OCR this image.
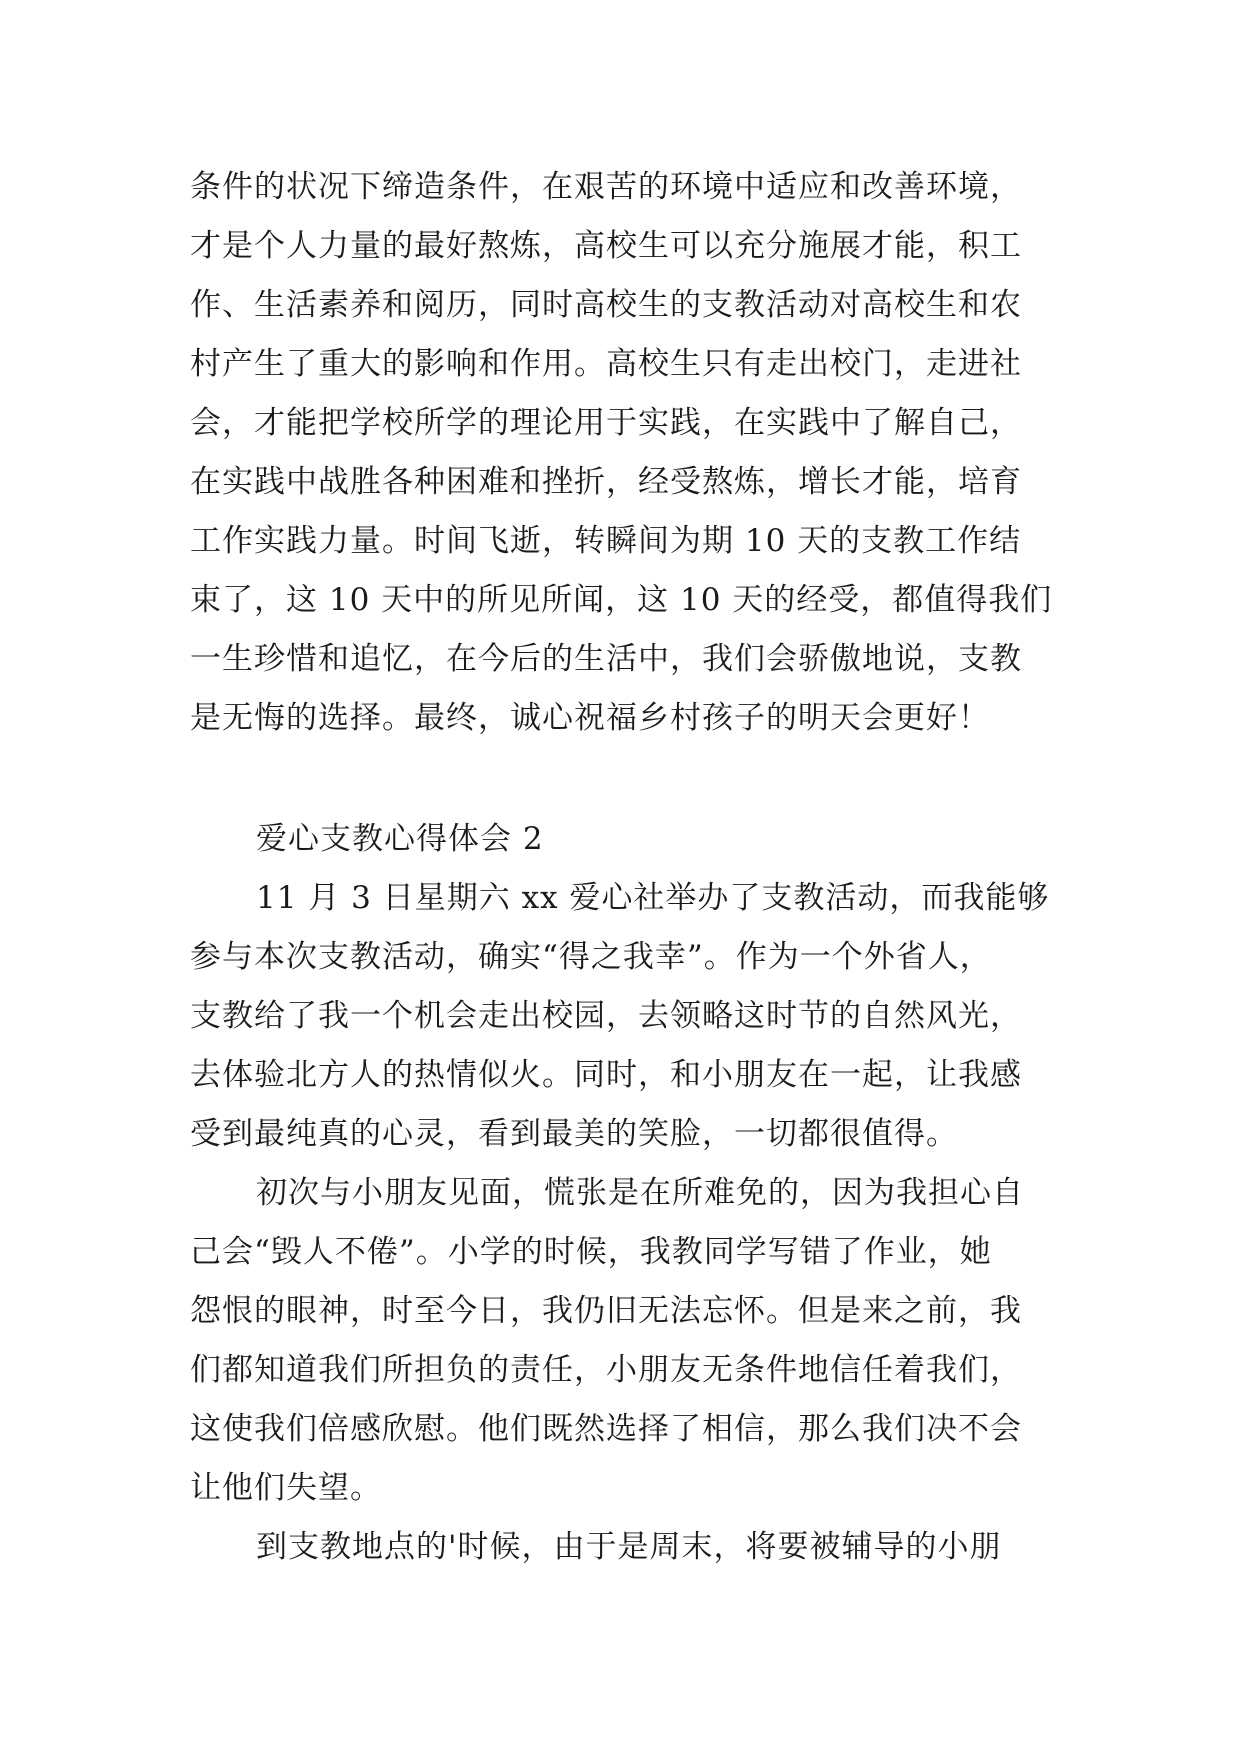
条件的状况下缔造条件，在艰苦的环境中适应和改善环境，
才是个人力量的最好熬炼，高校生可以充分施展才能，积工
作、生活素养和阅历，同时高校生的支教活动对高校生和农
村产生了重大的影响和作用。高校生只有走出校门，走进社
会，才能把学校所学的理论用于实践，在实践中了解自己，
在实践中战胜各种困难和挫折，经受熬炼，增长才能，培育
工作实践力量。时间飞逝，转瞬间为期 10 天的支教工作结
束了，这 10 天中的所见所闻，这 10 天的经受，都值得我们
一生珍惜和追忆，在今后的生活中，我们会骄傲地说，支教
是无悔的选择。最终，诚心祝福乡村孩子的明天会更好！
爱心支教心得体会 2
11 月 3 日星期六 xx 爱心社举办了支教活动，而我能够
参与本次支教活动，确实“得之我幸”。作为一个外省人，
支教给了我一个机会走出校园，去领略这时节的自然风光，
去体验北方人的热情似火。同时，和小朋友在一起，让我感
受到最纯真的心灵，看到最美的笑脸，一切都很值得。
初次与小朋友见面，慌张是在所难免的，因为我担心自
己会“毁人不倦”。小学的时候，我教同学写错了作业，她
怨恨的眼神，时至今日，我仍旧无法忘怀。但是来之前，我
们都知道我们所担负的责任，小朋友无条件地信任着我们，
这使我们倍感欣慰。他们既然选择了相信，那么我们决不会
让他们失望。
到支教地点的'时候，由于是周末，将要被辅导的小朋
